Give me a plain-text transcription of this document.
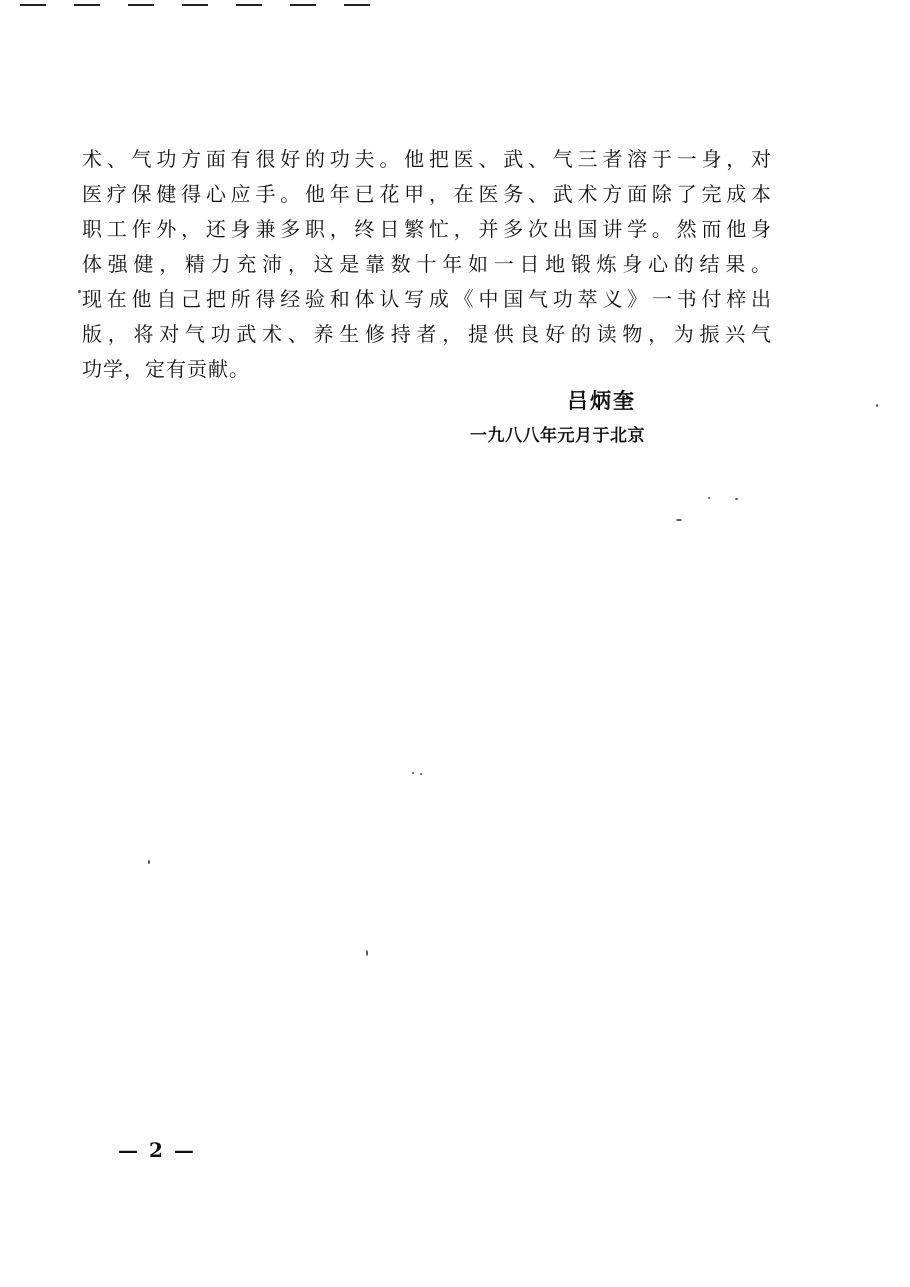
术、气功方面有很好的功夫。他把医、武、气三者溶于一身，对
医疗保健得心应手。他年已花甲，在医务、武术方面除了完成本
职工作外，还身兼多职，终日繁忙，并多次出国讲学。然而他身
体强健，精力充沛，这是靠数十年如一日地锻炼身心的结果。
现在他自己把所得经验和体认写成《中国气功萃义》一书付梓出
版，将对气功武术、养生修持者，提供良好的读物，为振兴气
功学，定有贡献。
吕炳奎
一九八八年元月于北京
— 2 —
